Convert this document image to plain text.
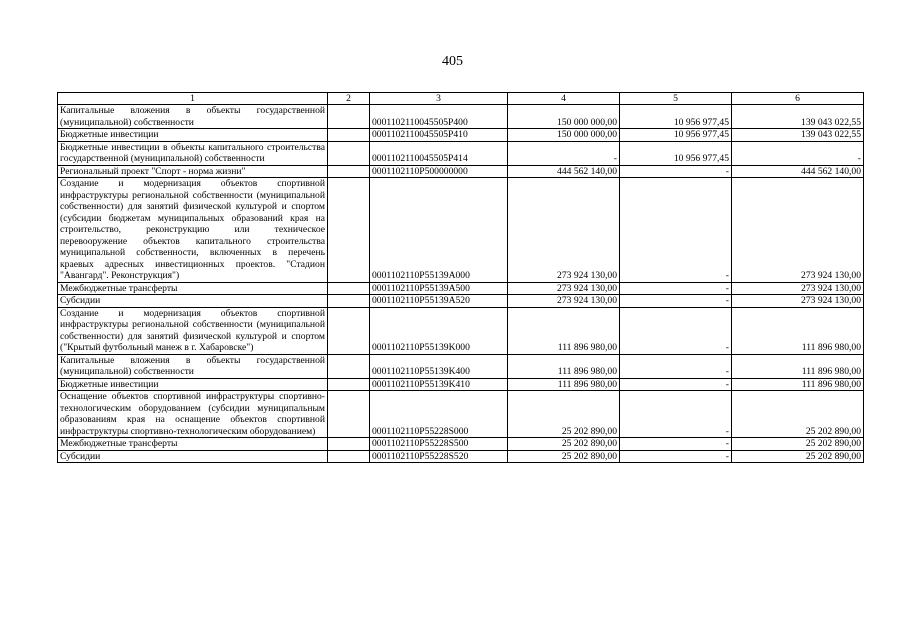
405
1	2	3	4	5	6
Капитальные вложения в объекты государственной (муниципальной) собственности		0001102110045505P400	150 000 000,00	10 956 977,45	139 043 022,55
Бюджетные инвестиции		0001102110045505P410	150 000 000,00	10 956 977,45	139 043 022,55
Бюджетные инвестиции в объекты капитального строительства государственной (муниципальной) собственности		0001102110045505P414	-	10 956 977,45	-
Региональный проект "Спорт - норма жизни"		0001102110P500000000	444 562 140,00	-	444 562 140,00
Создание и модернизация объектов спортивной инфраструктуры региональной собственности (муниципальной собственности) для занятий физической культурой и спортом (субсидии бюджетам муниципальных образований края на строительство, реконструкцию или техническое перевооружение объектов капитального строительства муниципальной собственности, включенных в перечень краевых адресных инвестиционных проектов. "Стадион "Авангард". Реконструкция")		0001102110P55139A000	273 924 130,00	-	273 924 130,00
Межбюджетные трансферты		0001102110P55139A500	273 924 130,00	-	273 924 130,00
Субсидии		0001102110P55139A520	273 924 130,00	-	273 924 130,00
Создание и модернизация объектов спортивной инфраструктуры региональной собственности (муниципальной собственности) для занятий физической культурой и спортом ("Крытый футбольный манеж в г. Хабаровске")		0001102110P55139K000	111 896 980,00	-	111 896 980,00
Капитальные вложения в объекты государственной (муниципальной) собственности		0001102110P55139K400	111 896 980,00	-	111 896 980,00
Бюджетные инвестиции		0001102110P55139K410	111 896 980,00	-	111 896 980,00
Оснащение объектов спортивной инфраструктуры спортивно-технологическим оборудованием (субсидии муниципальным образованиям края на оснащение объектов спортивной инфраструктуры спортивно-технологическим оборудованием)		0001102110P55228S000	25 202 890,00	-	25 202 890,00
Межбюджетные трансферты		0001102110P55228S500	25 202 890,00	-	25 202 890,00
Субсидии		0001102110P55228S520	25 202 890,00	-	25 202 890,00
